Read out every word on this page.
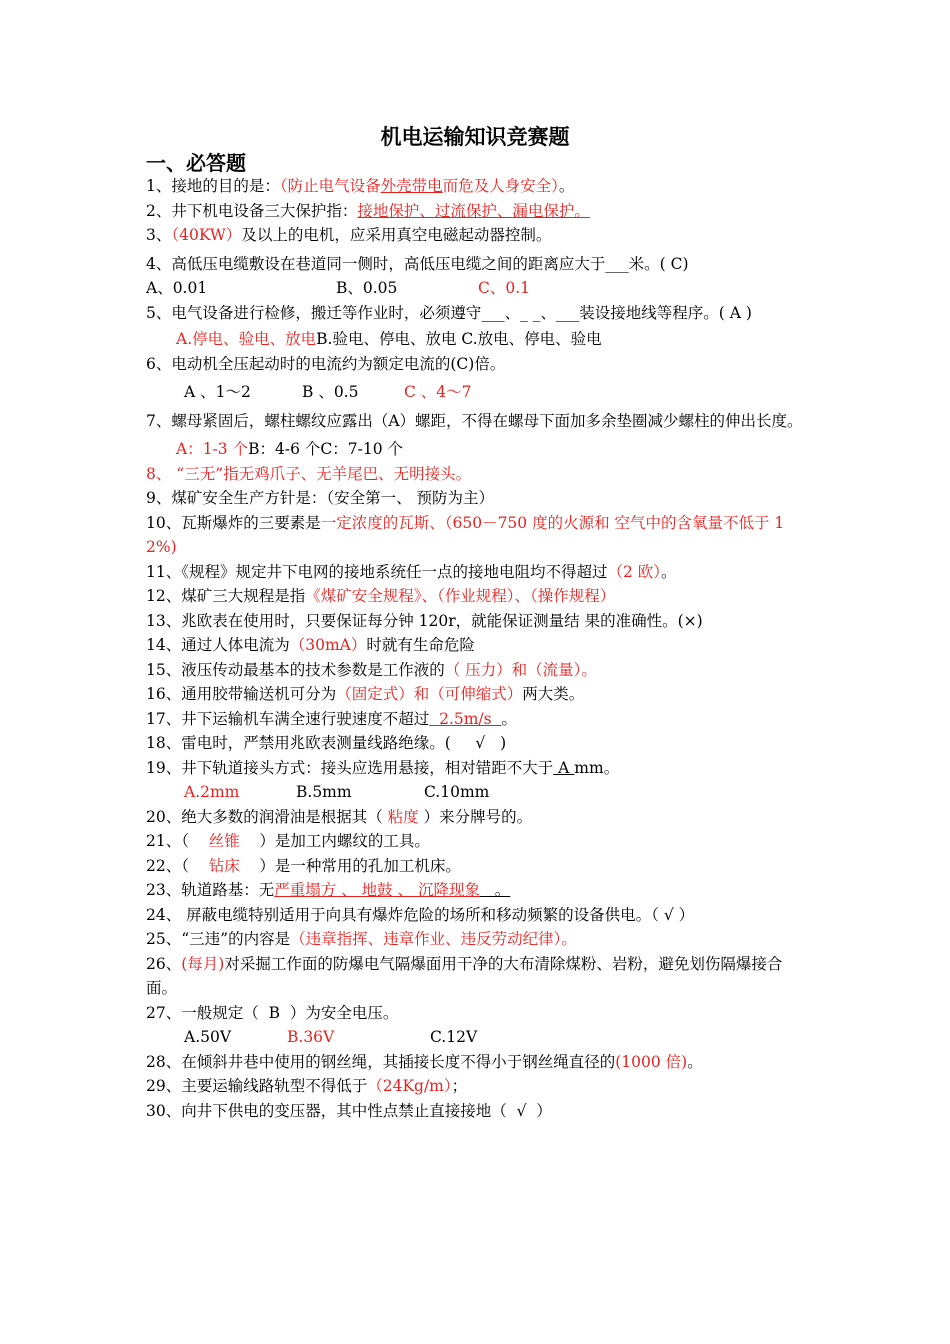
机电运输知识竞赛题
一、必答题
1、接地的目的是：（防止电气设备外壳带电而危及人身安全）。
2、井下机电设备三大保护指：接地保护、过流保护、漏电保护。
3、（40KW）及以上的电机，应采用真空电磁起动器控制。
4、高低压电缆敷设在巷道同一侧时，高低压电缆之间的距离应大于___米。( C)
A、0.01	B、0.05	C、0.1
5、电气设备进行检修，搬迁等作业时，必须遵守___、_ _、___装设接地线等程序。( A )
A.停电、验电、放电B.验电、停电、放电 C.放电、停电、验电
6、电动机全压起动时的电流约为额定电流的(C)倍。
A 、1～2	B 、0.5	C 、4～7
7、螺母紧固后，螺柱螺纹应露出（A）螺距，不得在螺母下面加多余垫圈减少螺柱的伸出长度。
A：1-3 个B：4-6 个C：7-10 个
8、 “三无”指无鸡爪子、无羊尾巴、无明接头。
9、煤矿安全生产方针是：（安全第一、 预防为主）
10、瓦斯爆炸的三要素是一定浓度的瓦斯、（650－750 度的火源和 空气中的含氧量不低于 12%)
11、《规程》规定井下电网的接地系统任一点的接地电阻均不得超过（2 欧）。
12、煤矿三大规程是指《煤矿安全规程》、（作业规程）、（操作规程）
13、兆欧表在使用时，只要保证每分钟 120r，就能保证测量结 果的准确性。(×)
14、通过人体电流为（30mA）时就有生命危险
15、液压传动最基本的技术参数是工作液的（ 压力）和（流量）。
16、通用胶带输送机可分为（固定式）和（可伸缩式）两大类。
17、井下运输机车满全速行驶速度不超过  2.5m/s  。
18、雷电时，严禁用兆欧表测量线路绝缘。(     √   )
19、井下轨道接头方式：接头应选用悬接，相对错距不大于 A mm。
A.2mm	B.5mm	C.10mm
20、绝大多数的润滑油是根据其（ 粘度 ）来分牌号的。
21、（    丝锥    ）是加工内螺纹的工具。
22、（    钻床    ）是一种常用的孔加工机床。
23、轨道路基：无严重塌方 、 地鼓 、 沉降现象   。
24、 屏蔽电缆特别适用于向具有爆炸危险的场所和移动频繁的设备供电。（ √ ）
25、“三违”的内容是（违章指挥、违章作业、违反劳动纪律）。
26、(每月)对采掘工作面的防爆电气隔爆面用干净的大布清除煤粉、岩粉，避免划伤隔爆接合面。
27、一般规定（  B  ）为安全电压。
A.50V	B.36V	C.12V
28、在倾斜井巷中使用的钢丝绳，其插接长度不得小于钢丝绳直径的(1000 倍)。
29、主要运输线路轨型不得低于（24Kg/m）；
30、向井下供电的变压器，其中性点禁止直接接地（  √  ）
